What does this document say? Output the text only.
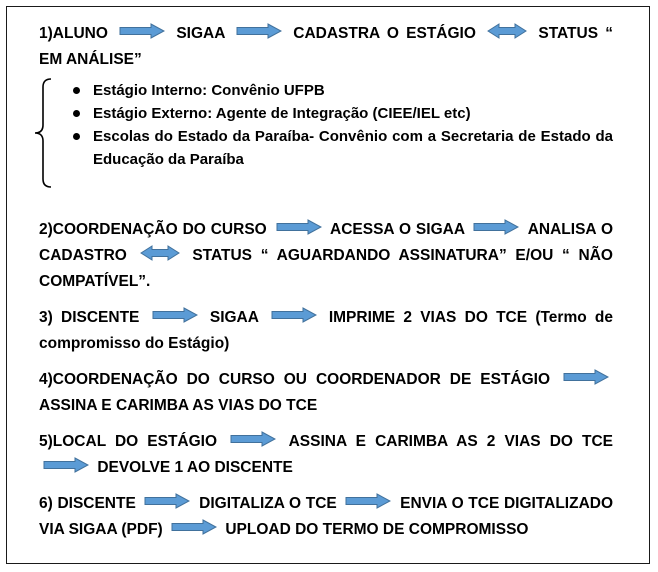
1)ALUNO	SIGAA	CADASTRA O ESTÁGIO	STATUS “ EM ANÁLISE”

Estágio Interno: Convênio UFPB
Estágio Externo: Agente de Integração (CIEE/IEL etc)
Escolas do Estado da Paraíba- Convênio com a Secretaria de Estado da Educação da Paraíba

2)COORDENAÇÃO DO CURSO	ACESSA O SIGAA	ANALISA O CADASTRO	STATUS “ AGUARDANDO ASSINATURA” E/OU “ NÃO COMPATÍVEL”.

3) DISCENTE	SIGAA	IMPRIME 2 VIAS DO TCE (Termo de compromisso do Estágio)

4)COORDENAÇÃO DO CURSO OU COORDENADOR DE ESTÁGIO  ASSINA E CARIMBA AS VIAS DO TCE

5)LOCAL DO ESTÁGIO	ASSINA E CARIMBA AS 2 VIAS DO TCE  DEVOLVE 1 AO DISCENTE

6) DISCENTE	DIGITALIZA O TCE	ENVIA O TCE DIGITALIZADO VIA SIGAA (PDF)	UPLOAD DO TERMO DE COMPROMISSO
